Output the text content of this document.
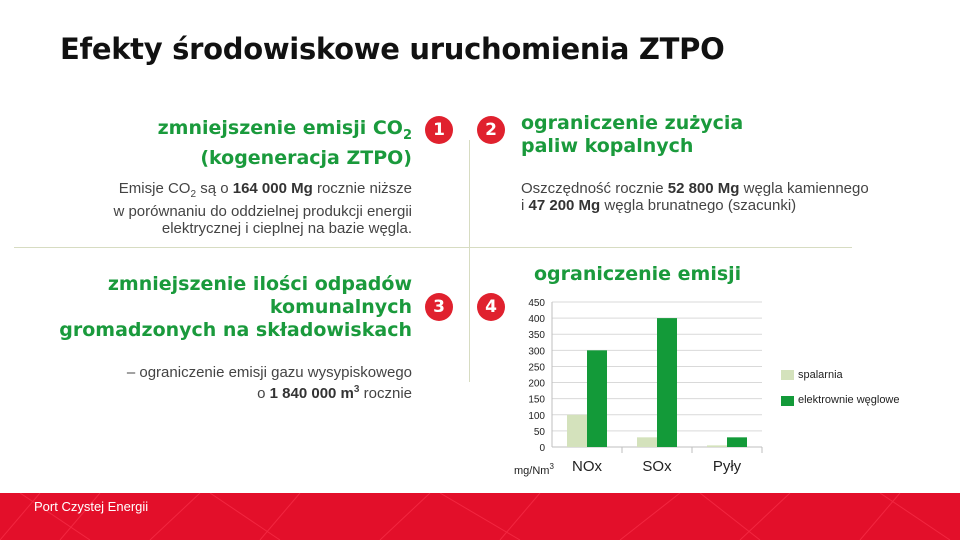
Efekty środowiskowe uruchomienia ZTPO
zmniejszenie emisji $CO_2$
(kogeneracja ZTPO)
1
Emisje $CO_2$ są o 164 000 Mg rocznie niższe
w porównaniu do oddzielnej produkcji energii
elektrycznej i cieplnej na bazie węgla.
2	ograniczenie zużycia
paliw kopalnych
Oszczędność rocznie 52 800 Mg węgla kamiennego
i 47 200 Mg węgla brunatnego (szacunki)
zmniejszenie ilości odpadów
komunalnych
gromadzonych na składowiskach
3
– ograniczenie emisji gazu wysypiskowego
o 1 840 000 $m^3$ rocznie
4
ograniczenie emisji
0
50
100
150
200
250
300
350
400
450
NOx	SOx	Pyły
mg/Nm$^3$
spalarnia
elektrownie węglowe
Port Czystej Energii
